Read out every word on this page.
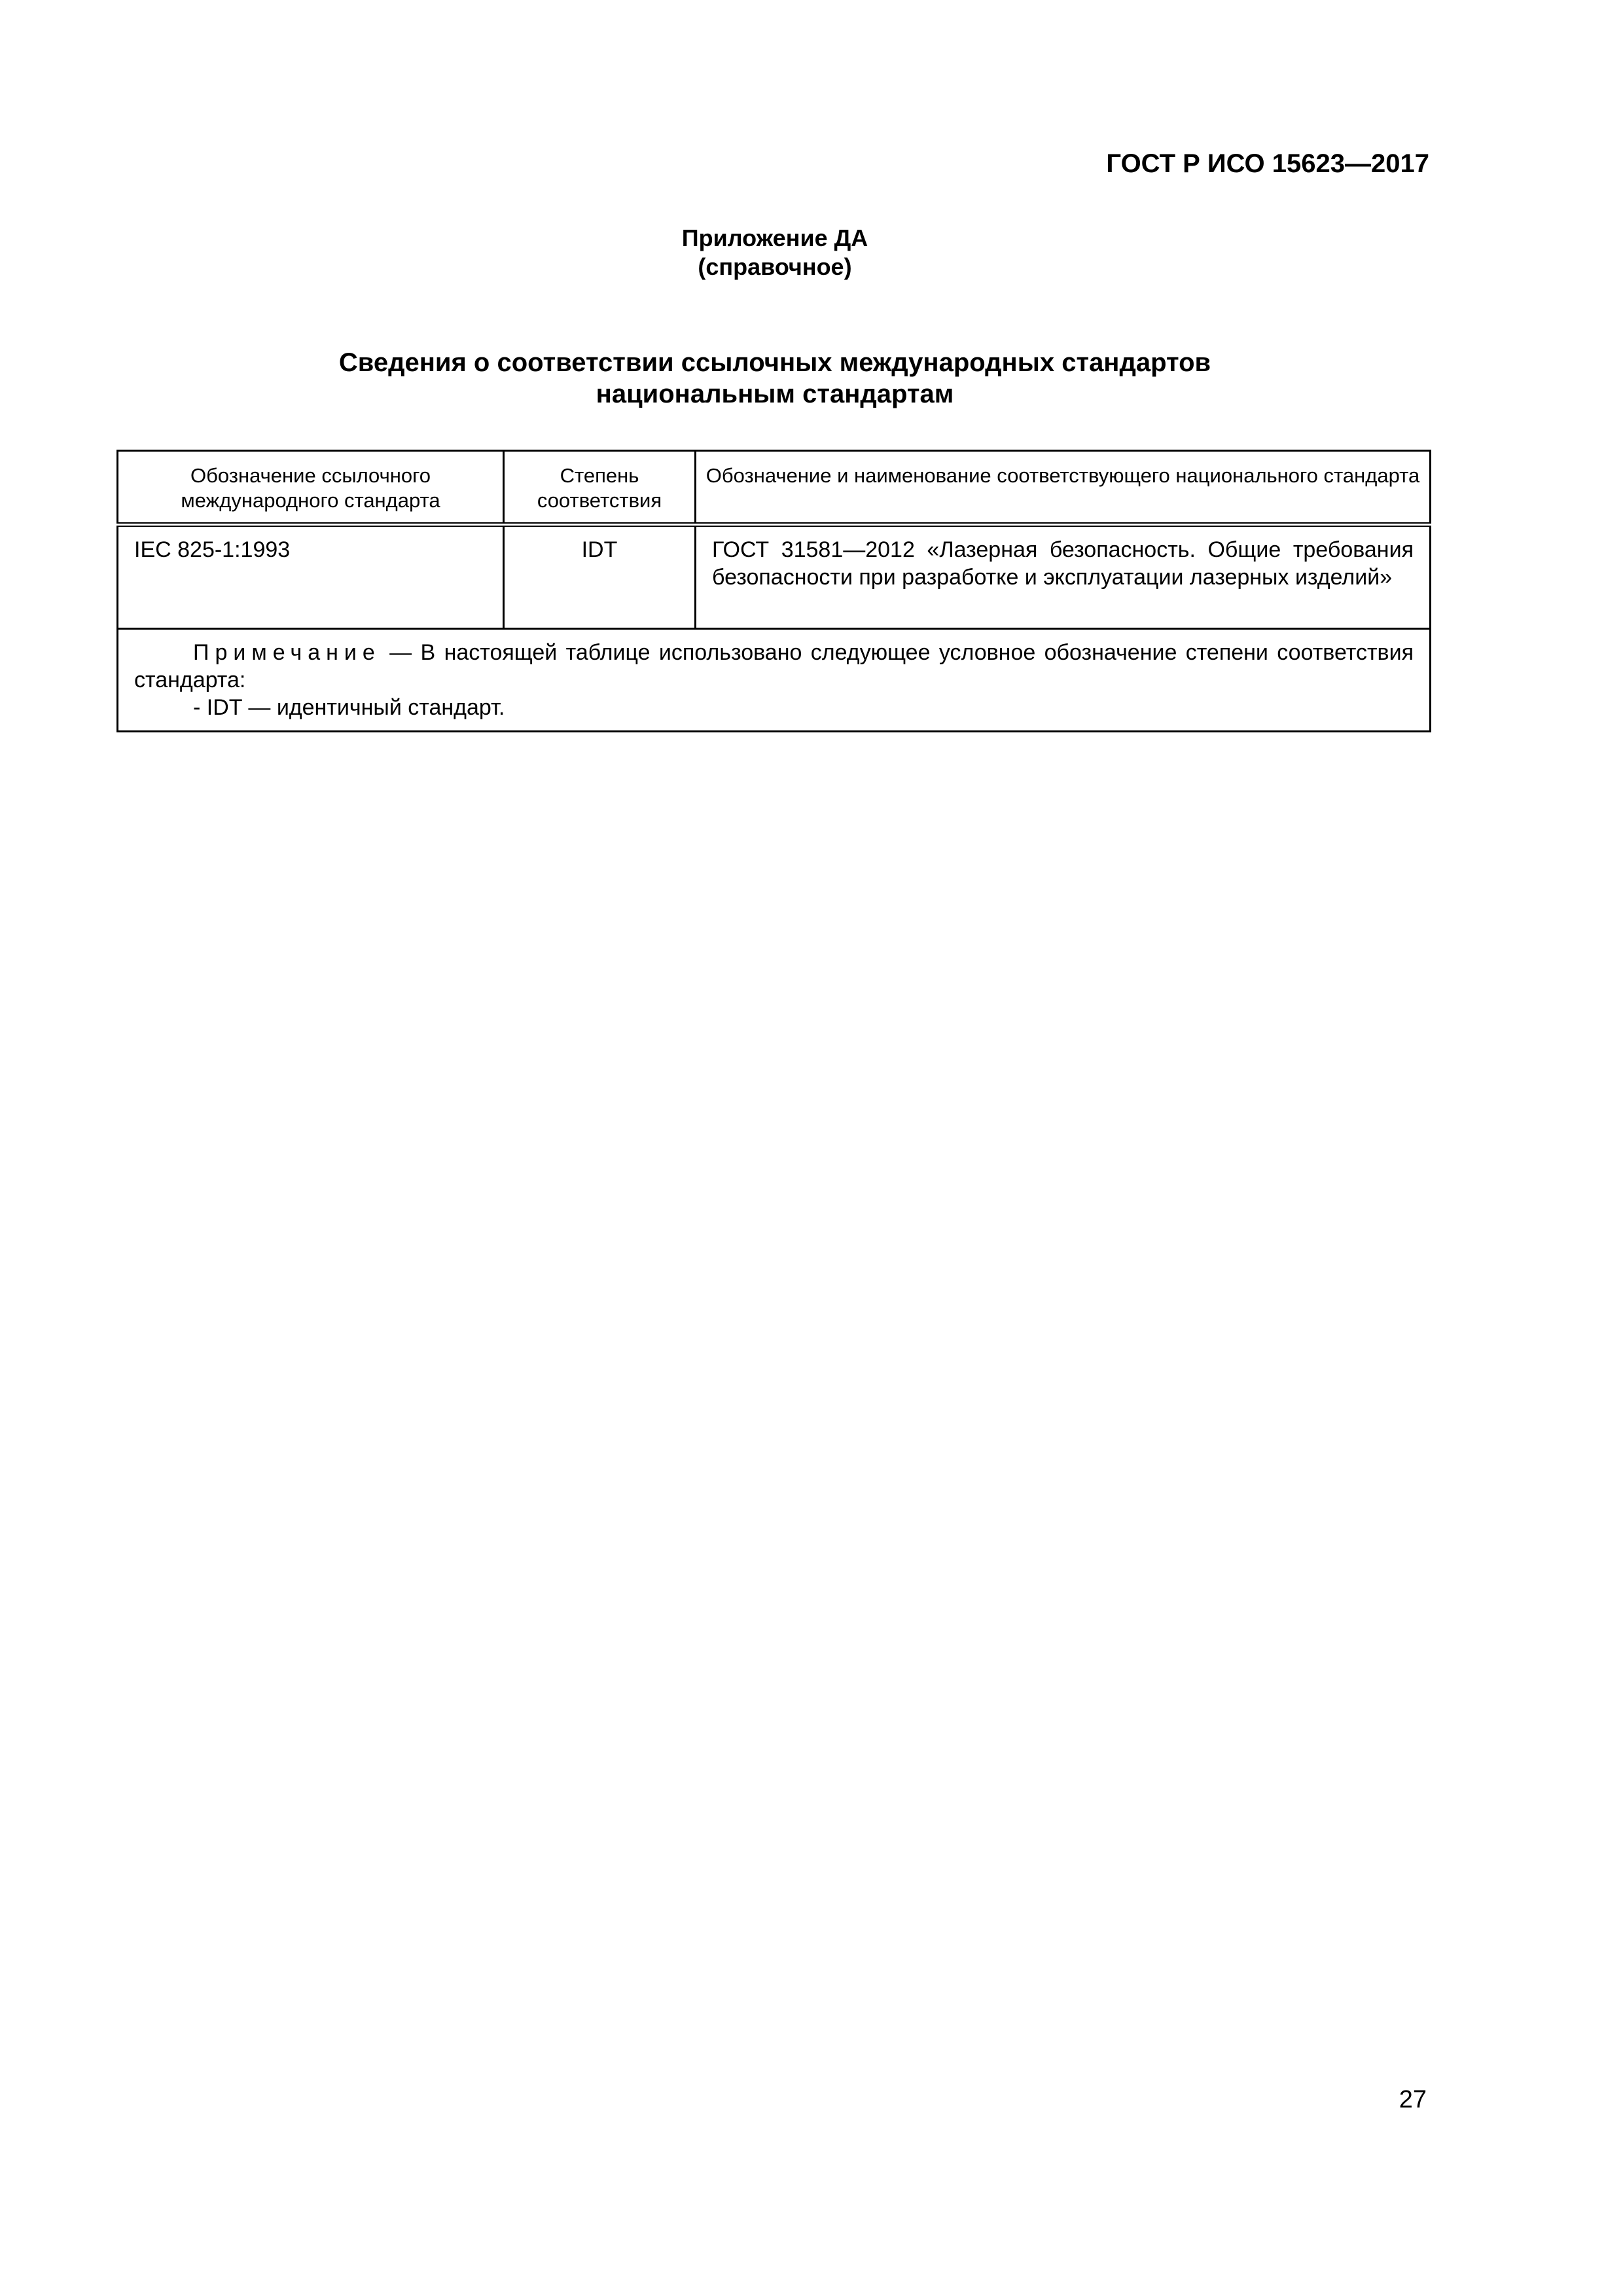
ГОСТ Р ИСО 15623—2017
Приложение ДА
(справочное)
Сведения о соответствии ссылочных международных стандартов
национальным стандартам
Обозначение ссылочного международного стандарта	Степень соответствия	Обозначение и наименование соответствующего национального стандарта
IEC 825-1:1993	IDT	ГОСТ 31581—2012 «Лазерная безопасность. Общие требования безопасности при разработке и эксплуатации лазерных изделий»

Примечание — В настоящей таблице использовано следующее условное обозначение степени соответствия стандарта:

- IDT — идентичный стандарт.		

27
